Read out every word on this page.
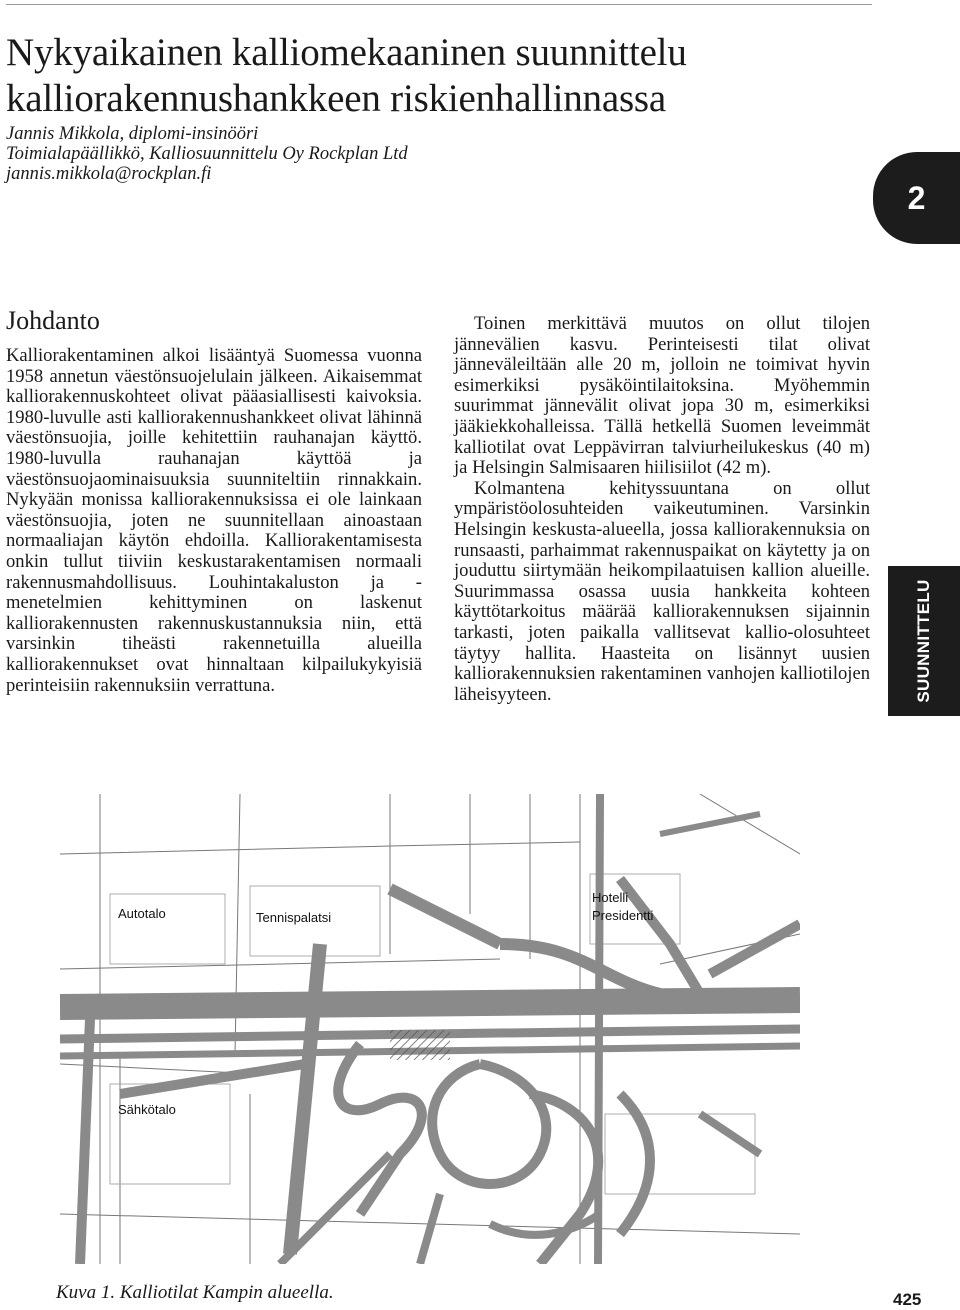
Nykyaikainen kalliomekaaninen suunnittelu
kalliorakennushankkeen riskienhallinnassa
Jannis Mikkola, diplomi-insinööri
Toimialapäällikkö, Kalliosuunnittelu Oy Rockplan Ltd
jannis.mikkola@rockplan.fi
2
SUUNNITTELU
Johdanto

Kalliorakentaminen alkoi lisääntyä Suomessa vuonna 1958 annetun väestönsuojelulain jälkeen. Aikaisemmat kalliorakennuskohteet olivat pääasiallisesti kaivoksia. 1980-luvulle asti kalliorakennushankkeet olivat lähinnä väestönsuojia, joille kehitettiin rauhanajan käyttö. 1980-luvulla rauhanajan käyttöä ja väestönsuojaominaisuuksia suunniteltiin rinnakkain. Nykyään monissa kalliorakennuksissa ei ole lainkaan väestönsuojia, joten ne suunnitellaan ainoastaan normaaliajan käytön ehdoilla. Kalliorakentamisesta onkin tullut tiiviin keskustarakentamisen normaali rakennusmahdollisuus. Louhintakaluston ja -menetelmien kehittyminen on laskenut kalliorakennusten rakennuskustannuksia niin, että varsinkin tiheästi rakennetuilla alueilla kalliorakennukset ovat hinnaltaan kilpailukykyisiä perinteisiin rakennuksiin verrattuna.

Toinen merkittävä muutos on ollut tilojen jännevälien kasvu. Perinteisesti tilat olivat jänneväleiltään alle 20 m, jolloin ne toimivat hyvin esimerkiksi pysäköintilaitoksina. Myöhemmin suurimmat jännevälit olivat jopa 30 m, esimerkiksi jääkiekkohalleissa. Tällä hetkellä Suomen leveimmät kalliotilat ovat Leppävirran talviurheilukeskus (40 m) ja Helsingin Salmisaaren hiilisiilot (42 m).

Kolmantena kehityssuuntana on ollut ympäristöolosuhteiden vaikeutuminen. Varsinkin Helsingin keskusta-alueella, jossa kalliorakennuksia on runsaasti, parhaimmat rakennuspaikat on käytetty ja on jouduttu siirtymään heikompilaatuisen kallion alueille. Suurimmassa osassa uusia hankkeita kohteen käyttötarkoitus määrää kalliorakennuksen sijainnin tarkasti, joten paikalla vallitsevat kallio-olosuhteet täytyy hallita. Haasteita on lisännyt uusien kalliorakennuksien rakentaminen vanhojen kalliotilojen läheisyyteen.

Autotalo	Tennispalatsi
Hotelli
Presidentti
Sähkötalo
Kuva 1. Kalliotilat Kampin alueella.	425
